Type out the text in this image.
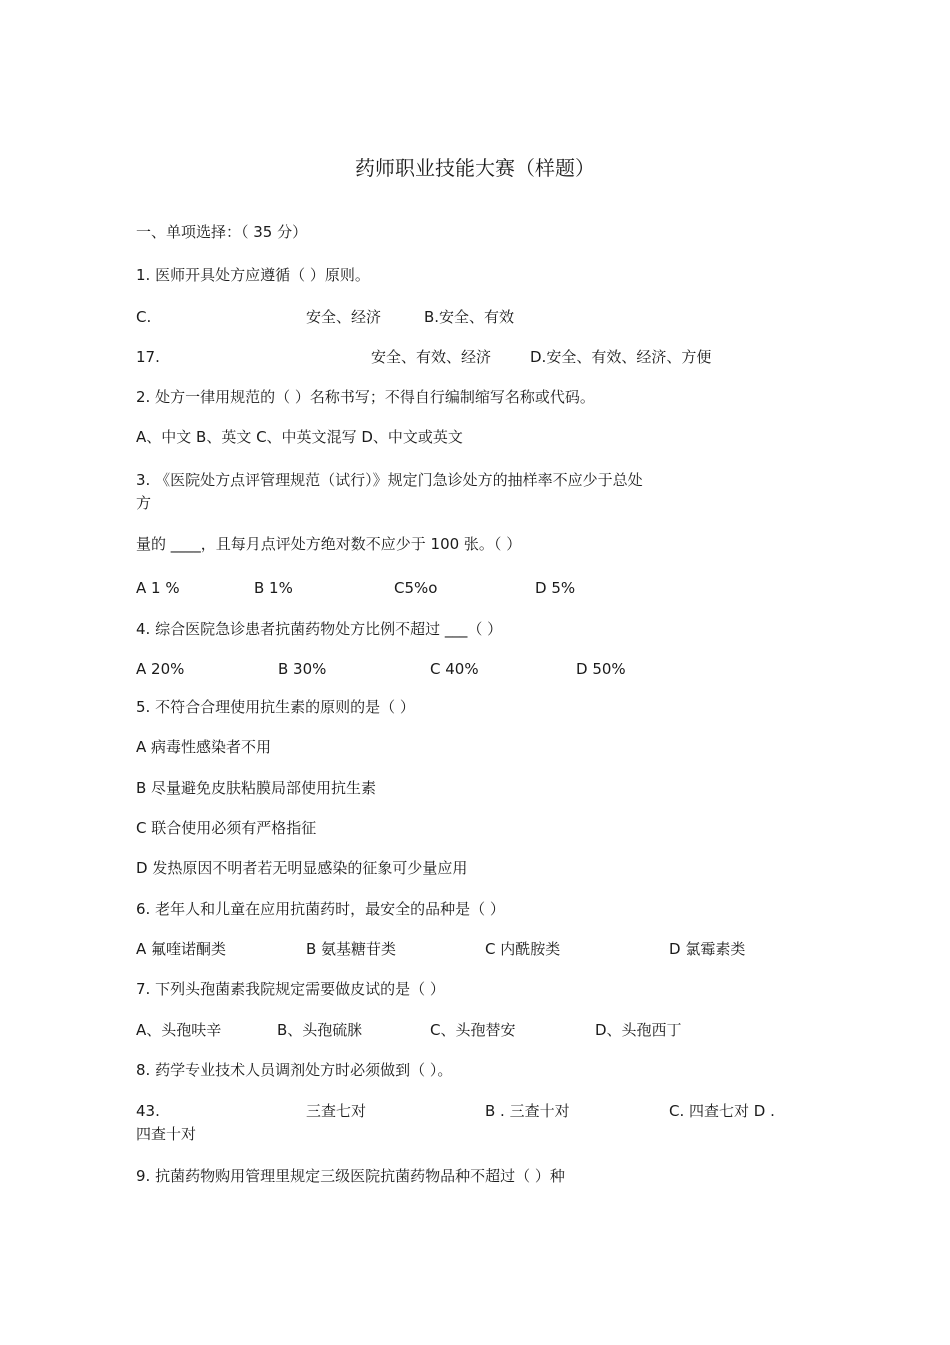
药师职业技能大赛（样题）
一、单项选择：（ 35 分）
1. 医师开具处方应遵循（ ）原则。
C.	安全、经济	B.安全、有效
17.	安全、有效、经济	D.安全、有效、经济、方便
2. 处方一律用规范的（ ）名称书写；不得自行编制缩写名称或代码。
A、中文 B、英文 C、中英文混写 D、中文或英文
3. 《医院处方点评管理规范（试行）》规定门急诊处方的抽样率不应少于总处
方
量的 ____，且每月点评处方绝对数不应少于 100 张。（ ）
A 1 %	B 1%	C5%o	D 5%
4. 综合医院急诊患者抗菌药物处方比例不超过 ___（ ）
A 20%	B 30%	C 40%	D 50%
5. 不符合合理使用抗生素的原则的是（ ）
A 病毒性感染者不用
B 尽量避免皮肤粘膜局部使用抗生素
C 联合使用必须有严格指征
D 发热原因不明者若无明显感染的征象可少量应用
6. 老年人和儿童在应用抗菌药时，最安全的品种是（ ）
A 氟喹诺酮类	B 氨基糖苷类	C 内酰胺类	D 氯霉素类
7. 下列头孢菌素我院规定需要做皮试的是（ ）
A、头孢呋辛	B、头孢硫脒	C、头孢替安	D、头孢西丁
8. 药学专业技术人员调剂处方时必须做到（ ）。
43.	三查七对	B . 三查十对	C. 四查七对 D .
四查十对
9. 抗菌药物购用管理里规定三级医院抗菌药物品种不超过（ ）种
